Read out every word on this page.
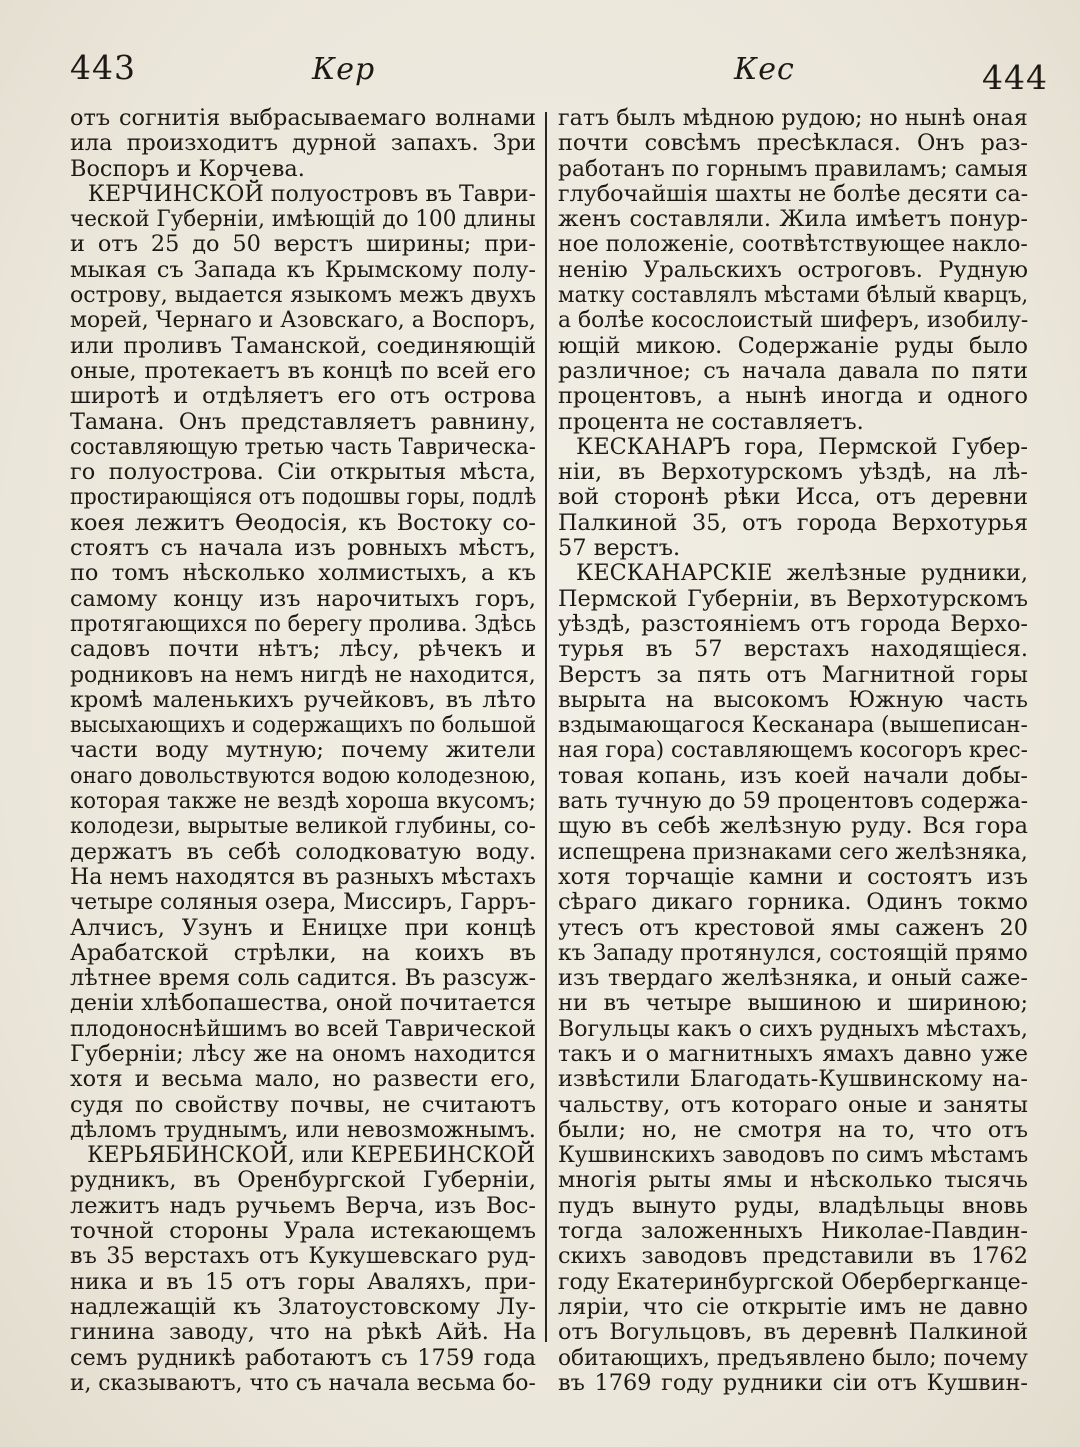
443	Кер	Кес	444
отъ согнитія выбрасываемаго волнами
ила произходитъ дурной запахъ. Зри
Воспоръ и Корчева.
КЕРЧИНСКОЙ полуостровъ въ Таври-
ческой Губерніи, имѣющій до 100 длины
и отъ 25 до 50 верстъ ширины; при-
мыкая съ Запада къ Крымскому полу-
острову, выдается языкомъ межъ двухъ
морей, Чернаго и Азовскаго, а Воспоръ,
или проливъ Таманской, соединяющій
оные, протекаетъ въ концѣ по всей его
широтѣ и отдѣляетъ его отъ острова
Тамана. Онъ представляетъ равнину,
составляющую третью часть Таврическа-
го полуострова. Сіи открытыя мѣста,
простирающіяся отъ подошвы горы, подлѣ
коея лежитъ Ѳеодосія, къ Востоку со-
стоятъ съ начала изъ ровныхъ мѣстъ,
по томъ нѣсколько холмистыхъ, а къ
самому концу изъ нарочитыхъ горъ,
протягающихся по берегу пролива. Здѣсь
садовъ почти нѣтъ; лѣсу, рѣчекъ и
родниковъ на немъ нигдѣ не находится,
кромѣ маленькихъ ручейковъ, въ лѣто
высыхающихъ и содержащихъ по большой
части воду мутную; почему жители
онаго довольствуются водою колодезною,
которая также не вездѣ хороша вкусомъ;
колодези, вырытые великой глубины, со-
держатъ въ себѣ солодковатую воду.
На немъ находятся въ разныхъ мѣстахъ
четыре соляныя озера, Миссиръ, Гарръ-
Алчисъ, Узунъ и Еницхе при концѣ
Арабатской стрѣлки, на коихъ въ
лѣтнее время соль садится. Въ разсуж-
деніи хлѣбопашества, оной почитается
плодоноснѣйшимъ во всей Таврической
Губерніи; лѣсу же на ономъ находится
хотя и весьма мало, но развести его,
судя по свойству почвы, не считаютъ
дѣломъ труднымъ, или невозможнымъ.
КЕРЬЯБИНСКОЙ, или КЕРЕБИНСКОЙ
рудникъ, въ Оренбургской Губерніи,
лежитъ надъ ручьемъ Верча, изъ Вос-
точной стороны Урала истекающемъ
въ 35 верстахъ отъ Кукушевскаго руд-
ника и въ 15 отъ горы Аваляхъ, при-
надлежащій къ Златоустовскому Лу-
гинина заводу, что на рѣкѣ Айѣ. На
семъ рудникѣ работаютъ съ 1759 года
и, сказываютъ, что съ начала весьма бо-
гатъ былъ мѣдною рудою; но нынѣ оная
почти совсѣмъ пресѣклася. Онъ раз-
работанъ по горнымъ правиламъ; самыя
глубочайшія шахты не болѣе десяти са-
женъ составляли. Жила имѣетъ понур-
ное положеніе, соотвѣтствующее накло-
ненію Уральскихъ остроговъ. Рудную
матку составлялъ мѣстами бѣлый кварцъ,
а болѣе косослоистый шиферъ, изобилу-
ющій микою. Содержаніе руды было
различное; съ начала давала по пяти
процентовъ, а нынѣ иногда и одного
процента не составляетъ.
КЕСКАНАРЪ гора, Пермской Губер-
ніи, въ Верхотурскомъ уѣздѣ, на лѣ-
вой сторонѣ рѣки Исса, отъ деревни
Палкиной 35, отъ города Верхотурья
57 верстъ.
КЕСКАНАРСКІЕ желѣзные рудники,
Пермской Губерніи, въ Верхотурскомъ
уѣздѣ, разстояніемъ отъ города Верхо-
турья въ 57 верстахъ находящіеся.
Верстъ за пять отъ Магнитной горы
вырыта на высокомъ Южную часть
вздымающагося Кесканара (вышеписан-
ная гора) составляющемъ косогоръ крес-
товая копань, изъ коей начали добы-
вать тучную до 59 процентовъ содержа-
щую въ себѣ желѣзную руду. Вся гора
испещрена признаками сего желѣзняка,
хотя торчащіе камни и состоятъ изъ
сѣраго дикаго горника. Одинъ токмо
утесъ отъ крестовой ямы саженъ 20
къ Западу протянулся, состоящій прямо
изъ твердаго желѣзняка, и оный саже-
ни въ четыре вышиною и шириною;
Вогульцы какъ о сихъ рудныхъ мѣстахъ,
такъ и о магнитныхъ ямахъ давно уже
извѣстили Благодать-Кушвинскому на-
чальству, отъ котораго оные и заняты
были; но, не смотря на то, что отъ
Кушвинскихъ заводовъ по симъ мѣстамъ
многія рыты ямы и нѣсколько тысячь
пудъ вынуто руды, владѣльцы вновь
тогда заложенныхъ Николае-Павдин-
скихъ заводовъ представили въ 1762
году Екатеринбургской Обербергканце-
ляріи, что сіе открытіе имъ не давно
отъ Вогульцовъ, въ деревнѣ Палкиной
обитающихъ, предъявлено было; почему
въ 1769 году рудники сіи отъ Кушвин-
